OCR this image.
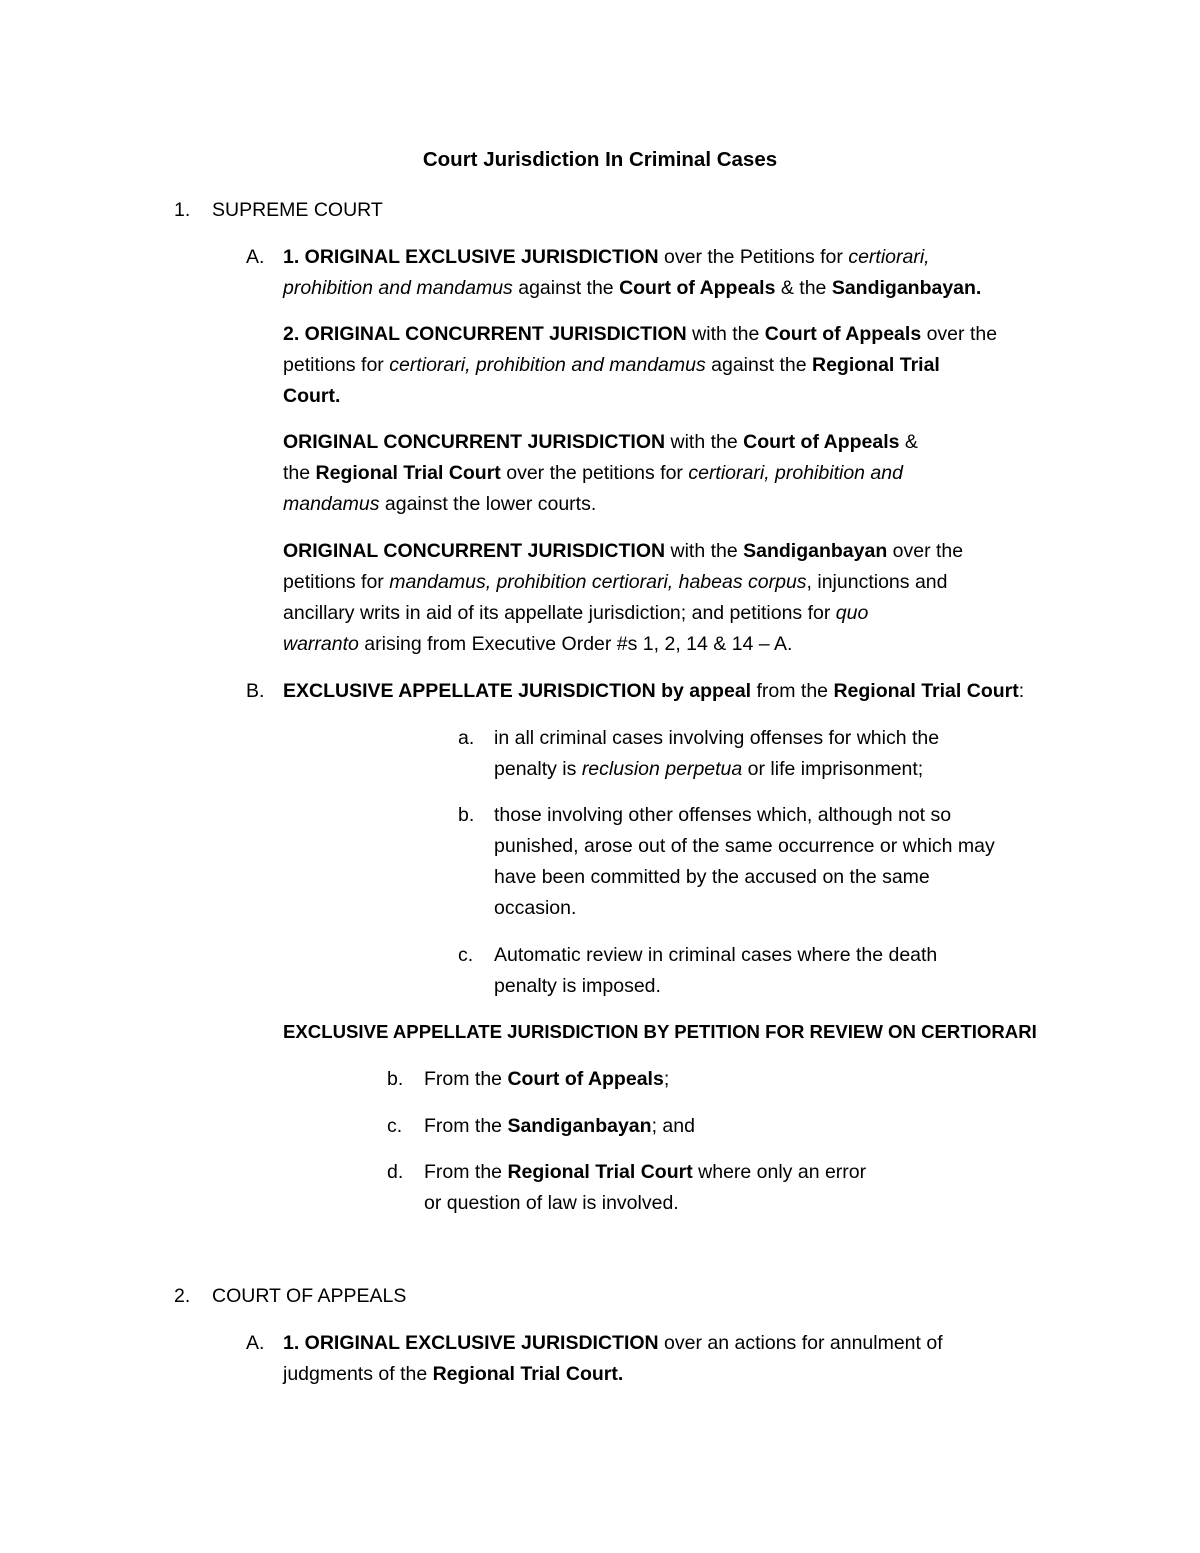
Court Jurisdiction In Criminal Cases
1. SUPREME COURT
A. 1. ORIGINAL EXCLUSIVE JURISDICTION over the Petitions for certiorari,
prohibition and mandamus against the Court of Appeals & the Sandiganbayan.
2. ORIGINAL CONCURRENT JURISDICTION with the Court of Appeals over the
petitions for certiorari, prohibition and mandamus against the Regional Trial
Court.
ORIGINAL CONCURRENT JURISDICTION with the Court of Appeals &
the Regional Trial Court over the petitions for certiorari, prohibition and
mandamus against the lower courts.
ORIGINAL CONCURRENT JURISDICTION with the Sandiganbayan over the
petitions for mandamus, prohibition certiorari, habeas corpus, injunctions and
ancillary writs in aid of its appellate jurisdiction; and petitions for quo
warranto arising from Executive Order #s 1, 2, 14 & 14 – A.
B. EXCLUSIVE APPELLATE JURISDICTION by appeal from the Regional Trial Court:
a. in all criminal cases involving offenses for which the
penalty is reclusion perpetua or life imprisonment;
b. those involving other offenses which, although not so
punished, arose out of the same occurrence or which may
have been committed by the accused on the same
occasion.
c. Automatic review in criminal cases where the death
penalty is imposed.
EXCLUSIVE APPELLATE JURISDICTION BY PETITION FOR REVIEW ON CERTIORARI
b. From the Court of Appeals;
c. From the Sandiganbayan; and
d. From the Regional Trial Court where only an error
or question of law is involved.
2. COURT OF APPEALS
A. 1. ORIGINAL EXCLUSIVE JURISDICTION over an actions for annulment of
judgments of the Regional Trial Court.
